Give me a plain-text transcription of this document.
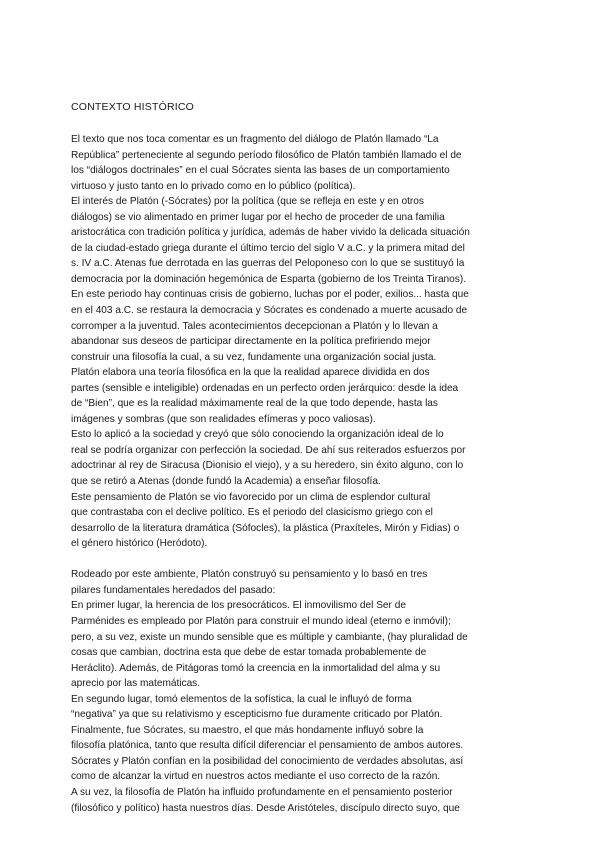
CONTEXTO HISTÓRICO
El texto que nos toca comentar es un fragmento del diálogo de Platón llamado “La
República” perteneciente al segundo período filosófico de Platón también llamado el de
los “diálogos doctrinales” en el cual Sócrates sienta las bases de un comportamiento
virtuoso y justo tanto en lo privado como en lo público (política).
El interés de Platón (-Sócrates) por la política (que se refleja en este y en otros
diálogos) se vio alimentado en primer lugar por el hecho de proceder de una familia
aristocrática con tradición política y jurídica, además de haber vivido la delicada situación
de la ciudad-estado griega durante el último tercio del siglo V a.C. y la primera mitad del
s. IV a.C. Atenas fue derrotada en las guerras del Peloponeso con lo que se sustituyó la
democracia por la dominación hegemónica de Esparta (gobierno de los Treinta Tiranos).
En este periodo hay continuas crisis de gobierno, luchas por el poder, exilios... hasta que
en el 403 a.C. se restaura la democracia y Sócrates es condenado a muerte acusado de
corromper a la juventud. Tales acontecimientos decepcionan a Platón y lo llevan a
abandonar sus deseos de participar directamente en la política prefiriendo mejor
construir una filosofía la cual, a su vez, fundamente una organización social justa.
Platón elabora una teoría filosófica en la que la realidad aparece dividida en dos
partes (sensible e inteligible) ordenadas en un perfecto orden jerárquico: desde la idea
de “Bien”, que es la realidad máximamente real de la que todo depende, hasta las
imágenes y sombras (que son realidades efímeras y poco valiosas).
Esto lo aplicó a la sociedad y creyó que sólo conociendo la organización ideal de lo
real se podría organizar con perfección la sociedad. De ahí sus reiterados esfuerzos por
adoctrinar al rey de Siracusa (Dionisio el viejo), y a su heredero, sin éxito alguno, con lo
que se retiró a Atenas (donde fundó la Academia) a enseñar filosofía.
Este pensamiento de Platón se vio favorecido por un clima de esplendor cultural
que contrastaba con el declive político. Es el periodo del clasicismo griego con el
desarrollo de la literatura dramática (Sófocles), la plástica (Praxíteles, Mirón y Fidias) o
el género histórico (Heródoto).
Rodeado por este ambiente, Platón construyó su pensamiento y lo basó en tres
pilares fundamentales heredados del pasado:
En primer lugar, la herencia de los presocráticos. El inmovilismo del Ser de
Parménides es empleado por Platón para construir el mundo ideal (eterno e inmóvil);
pero, a su vez, existe un mundo sensible que es múltiple y cambiante, (hay pluralidad de
cosas que cambian, doctrina esta que debe de estar tomada probablemente de
Heráclito). Además, de Pitágoras tomó la creencia en la inmortalidad del alma y su
aprecio por las matemáticas.
En segundo lugar, tomó elementos de la sofística, la cual le influyó de forma
“negativa” ya que su relativismo y escepticismo fue duramente criticado por Platón.
Finalmente, fue Sócrates, su maestro, el que más hondamente influyó sobre la
filosofía platónica, tanto que resulta difícil diferenciar el pensamiento de ambos autores.
Sócrates y Platón confían en la posibilidad del conocimiento de verdades absolutas, así
como de alcanzar la virtud en nuestros actos mediante el uso correcto de la razón.
A su vez, la filosofía de Platón ha influido profundamente en el pensamiento posterior
(filosófico y político) hasta nuestros días. Desde Aristóteles, discípulo directo suyo, que
